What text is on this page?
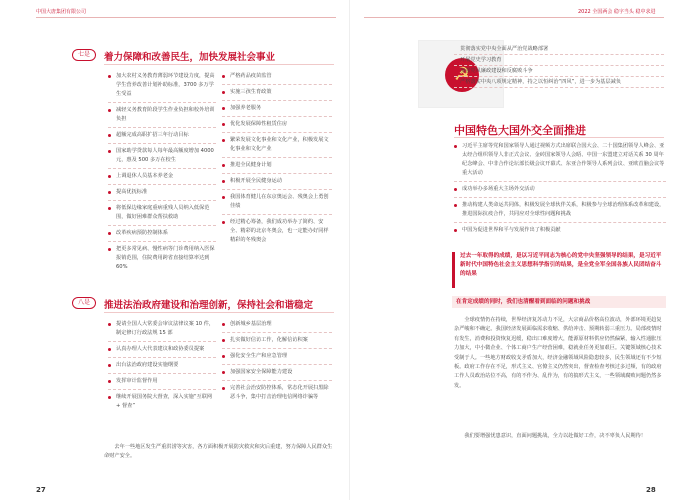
中国大唐集团有限公司
七是	着力保障和改善民生，加快发展社会事业
加大农村义务教育薄弱环节建设力度，提高学生营养改善计划补助标准，3700 多万学生受益
减轻义务教育阶段学生作业负担和校外培训负担
超额完成高职扩招三年行动目标
国家助学贷款每人每年最高额度增加 4000 元，惠及 500 多万在校生
上调退休人员基本养老金
提高优抚标准
将低保边缘家庭重病重残人员纳入低保范围，做好困难群众帮扶救助
改革疾病预防控制体系
把更多常见病、慢性病等门诊费用纳入医保报销范围，住院费用跨省直接结算率达到 60%
严格药品疫苗监管
实施三孩生育政策
加强养老服务
优化发展保障性租赁住房
繁荣发展文化事业和文化产业，积极发展文化事业和文化产业
推进全民健身计划
积极开展全民健身运动
我国体育健儿在东京奥运会、残奥会上勇创佳绩
经过精心筹备，我们成功举办了简约、安全、精彩的北京冬奥会，也一定能办好同样精彩的冬残奥会
八是	推进法治政府建设和治理创新，保持社会和谐稳定
提请全国人大常委会审议法律议案 10 件，制定修订行政法规 15 部
认真办理人大代表建议和政协委员提案
出台法治政府建设实施纲要
发挥审计监督作用
继续开展国务院大督查，深入实施“互联网 + 督查”
创新城乡基层治理
扎实做好信访工作，化解信访积案
强化安全生产和应急管理
加强国家安全保障能力建设
完善社会治安防控体系，常态化开展扫黑除恶斗争，集中打击治理电信网络诈骗等
去年一些地区发生严重洪涝等灾害，各方面积极开展防灾救灾和灾后重建，努力保障人民群众生命财产安全。
27
2022 全国两会 稳字当头 稳中求进
☭
贯彻落实党中央全面从严治党战略部署
开展党史学习教育
加强党风廉政建设和反腐败斗争
严格落实中央八项规定精神，持之以恒纠治“四风”，进一步为基层减负
中国特色大国外交全面推进
习近平主席等党和国家领导人通过视频方式出席联合国大会、二十国集团领导人峰会、亚太经合组织领导人非正式会议、金砖国家领导人会晤、中国一东盟建立对话关系 30 周年纪念峰会、中非合作论坛部长级会议开幕式、东亚合作领导人系列会议、亚欧首脑会议等重大活动
成功举办多场重大主场外交活动
推动构建人类命运共同体，积极发展全球伙伴关系，积极参与全球治理体系改革和建设，推进国际抗疫合作，共同应对全球性问题和挑战
中国为促进世界和平与发展作出了积极贡献
过去一年取得的成绩，是以习近平同志为核心的党中央坚强领导的结果，是习近平新时代中国特色社会主义思想科学指引的结果，是全党全军全国各族人民团结奋斗的结果
在肯定成绩的同时，我们也清醒看到面临的问题和挑战
全球疫情仍在持续，世界经济复苏动力不足，大宗商品价格高位波动，外部环境更趋复杂严峻和不确定。我国经济发展面临需求收缩、供给冲击、预期转弱三重压力。局部疫情时有发生，消费和投资恢复迟缓，稳出口难度增大，能源原材料供应仍然偏紧，输入性通胀压力加大，中小微企业、个体工商户生产经营困难，稳就业任务更加艰巨。关键领域核心技术受制于人。一些地方财政收支矛盾加大，经济金融领域风险隐患较多，民生领域还有不少短板。政府工作存在不足，形式主义、官僚主义仍然突出，督查检查考核过多过频，有的政府工作人员政治站位不高，有的不作为、乱作为，有的搞形式主义，一些领域腐败问题仍然多发。
我们要增强忧患意识，直面问题挑战，全力以赴做好工作，决不辜负人民期待！
28
